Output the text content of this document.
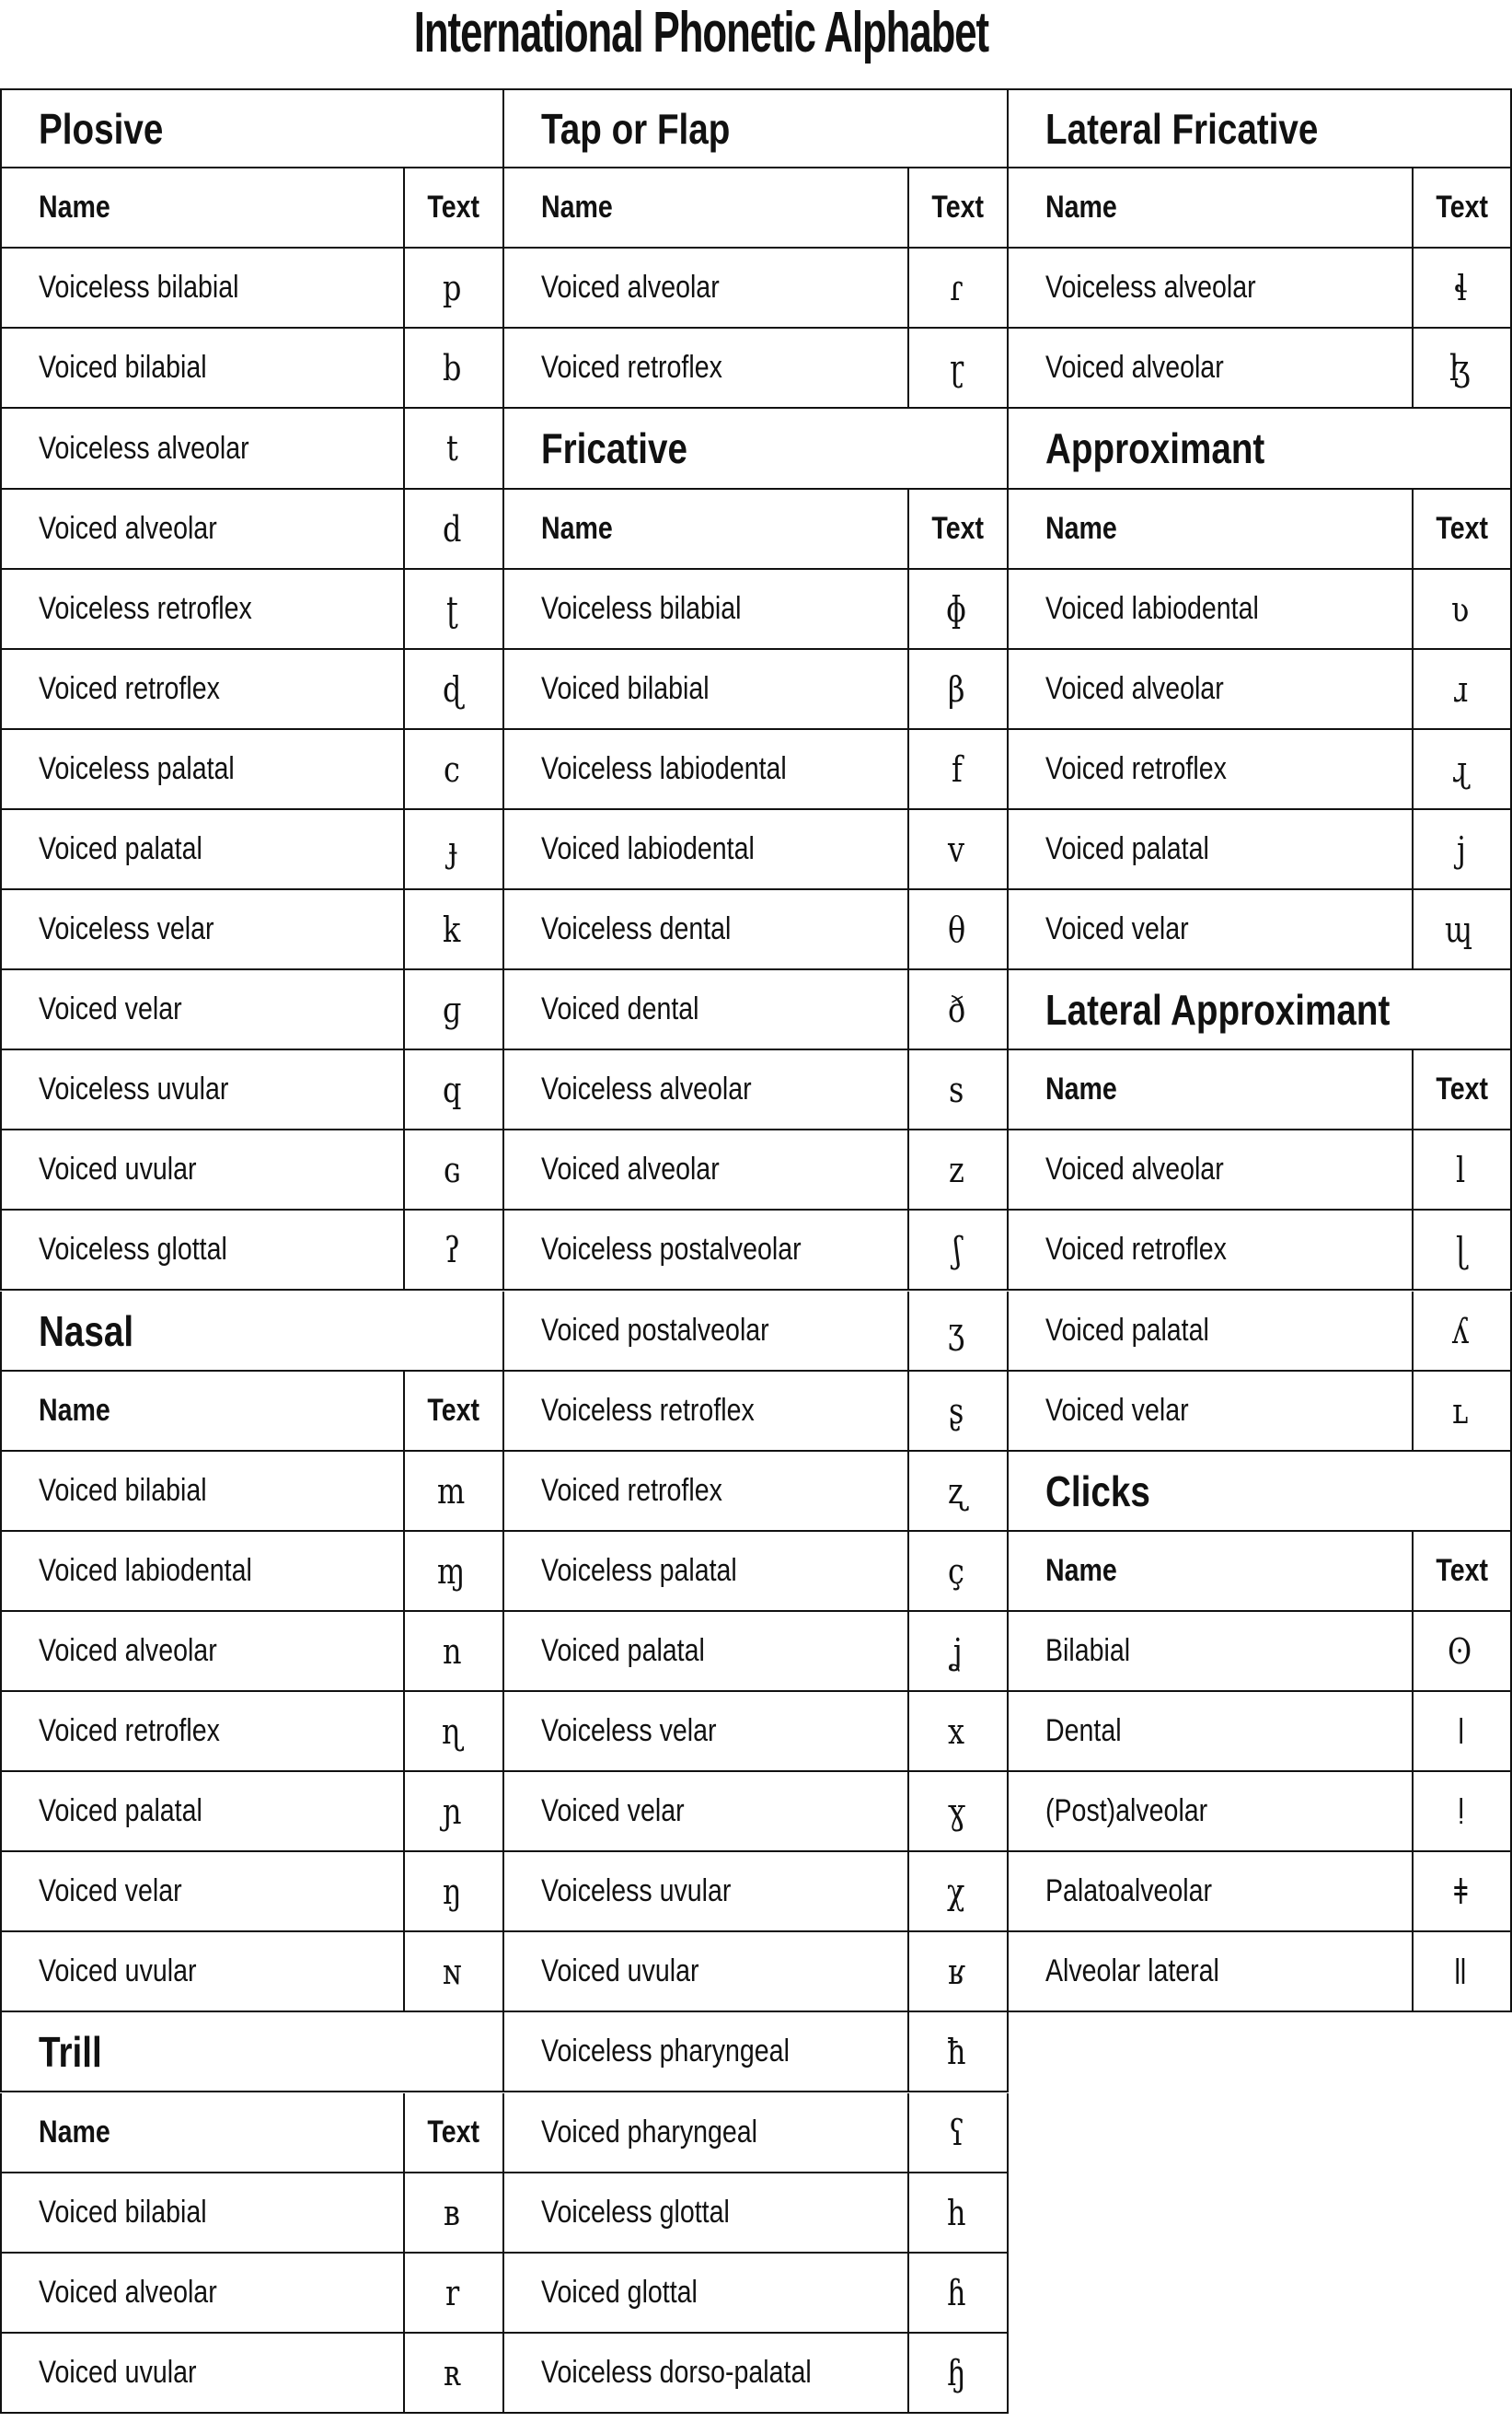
International Phonetic Alphabet
Plosive
Name	Text
Voiceless bilabial	p
Voiced bilabial	b
Voiceless alveolar	t
Voiced alveolar	d
Voiceless retroflex	ʈ
Voiced retroflex	ɖ
Voiceless palatal	c
Voiced palatal	ɟ
Voiceless velar	k
Voiced velar	ɡ
Voiceless uvular	q
Voiced uvular	ɢ
Voiceless glottal	ʔ
Nasal
Name	Text
Voiced bilabial	m
Voiced labiodental	ɱ
Voiced alveolar	n
Voiced retroflex	ɳ
Voiced palatal	ɲ
Voiced velar	ŋ
Voiced uvular	ɴ
Trill
Name	Text
Voiced bilabial	ʙ
Voiced alveolar	r
Voiced uvular	ʀ
Tap or Flap
Name	Text
Voiced alveolar	ɾ
Voiced retroflex	ɽ
Fricative
Name	Text
Voiceless bilabial	ɸ
Voiced bilabial	β
Voiceless labiodental	f
Voiced labiodental	v
Voiceless dental	θ
Voiced dental	ð
Voiceless alveolar	s
Voiced alveolar	z
Voiceless postalveolar	ʃ
Voiced postalveolar	ʒ
Voiceless retroflex	ʂ
Voiced retroflex	ʐ
Voiceless palatal	ç
Voiced palatal	ʝ
Voiceless velar	x
Voiced velar	ɣ
Voiceless uvular	χ
Voiced uvular	ʁ
Voiceless pharyngeal	ħ
Voiced pharyngeal	ʕ
Voiceless glottal	h
Voiced glottal	ɦ
Voiceless dorso-palatal	ɧ
Lateral Fricative
Name	Text
Voiceless alveolar	ɬ
Voiced alveolar	ɮ
Approximant
Name	Text
Voiced labiodental	ʋ
Voiced alveolar	ɹ
Voiced retroflex	ɻ
Voiced palatal	j
Voiced velar	ɰ
Lateral Approximant
Name	Text
Voiced alveolar	l
Voiced retroflex	ɭ
Voiced palatal	ʎ
Voiced velar	ʟ
Clicks
Name	Text
Bilabial	ʘ
Dental	ǀ
(Post)alveolar	ǃ
Palatoalveolar	ǂ
Alveolar lateral	ǁ
